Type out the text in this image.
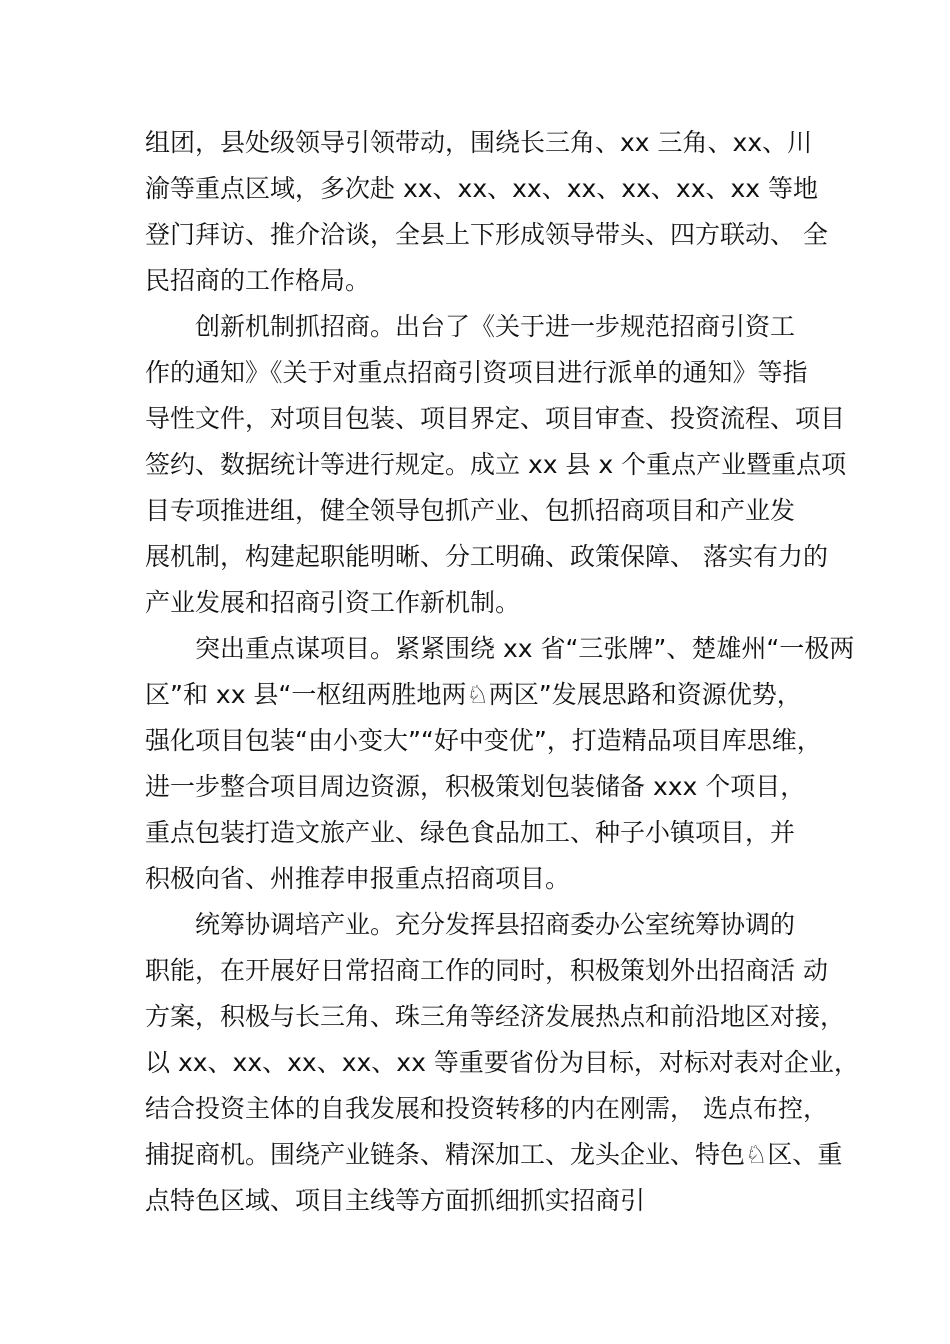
组团，县处级领导引领带动，围绕长三角、xx 三角、xx、川
渝等重点区域，多次赴 xx、xx、xx、xx、xx、xx、xx 等地
登门拜访、推介洽谈，全县上下形成领导带头、四方联动、 全
民招商的工作格局。
创新机制抓招商。出台了《关于进一步规范招商引资工
作的通知》《关于对重点招商引资项目进行派单的通知》等指
导性文件，对项目包装、项目界定、项目审查、投资流程、项目
签约、数据统计等进行规定。成立 xx 县 x 个重点产业暨重点项
目专项推进组，健全领导包抓产业、包抓招商项目和产业发
展机制，构建起职能明晰、分工明确、政策保障、 落实有力的
产业发展和招商引资工作新机制。
突出重点谋项目。紧紧围绕 xx 省“三张牌”、楚雄州“一极两
区”和 xx 县“一枢纽两胜地两♘两区”发展思路和资源优势，
强化项目包装“由小变大”“好中变优”，打造精品项目库思维，
进一步整合项目周边资源，积极策划包装储备 xxx 个项目，
重点包装打造文旅产业、绿色食品加工、种子小镇项目，并
积极向省、州推荐申报重点招商项目。
统筹协调培产业。充分发挥县招商委办公室统筹协调的
职能，在开展好日常招商工作的同时，积极策划外出招商活 动
方案，积极与长三角、珠三角等经济发展热点和前沿地区对接，
以 xx、xx、xx、xx、xx 等重要省份为目标，对标对表对企业，
结合投资主体的自我发展和投资转移的内在刚需， 选点布控，
捕捉商机。围绕产业链条、精深加工、龙头企业、特色♘区、重
点特色区域、项目主线等方面抓细抓实招商引
